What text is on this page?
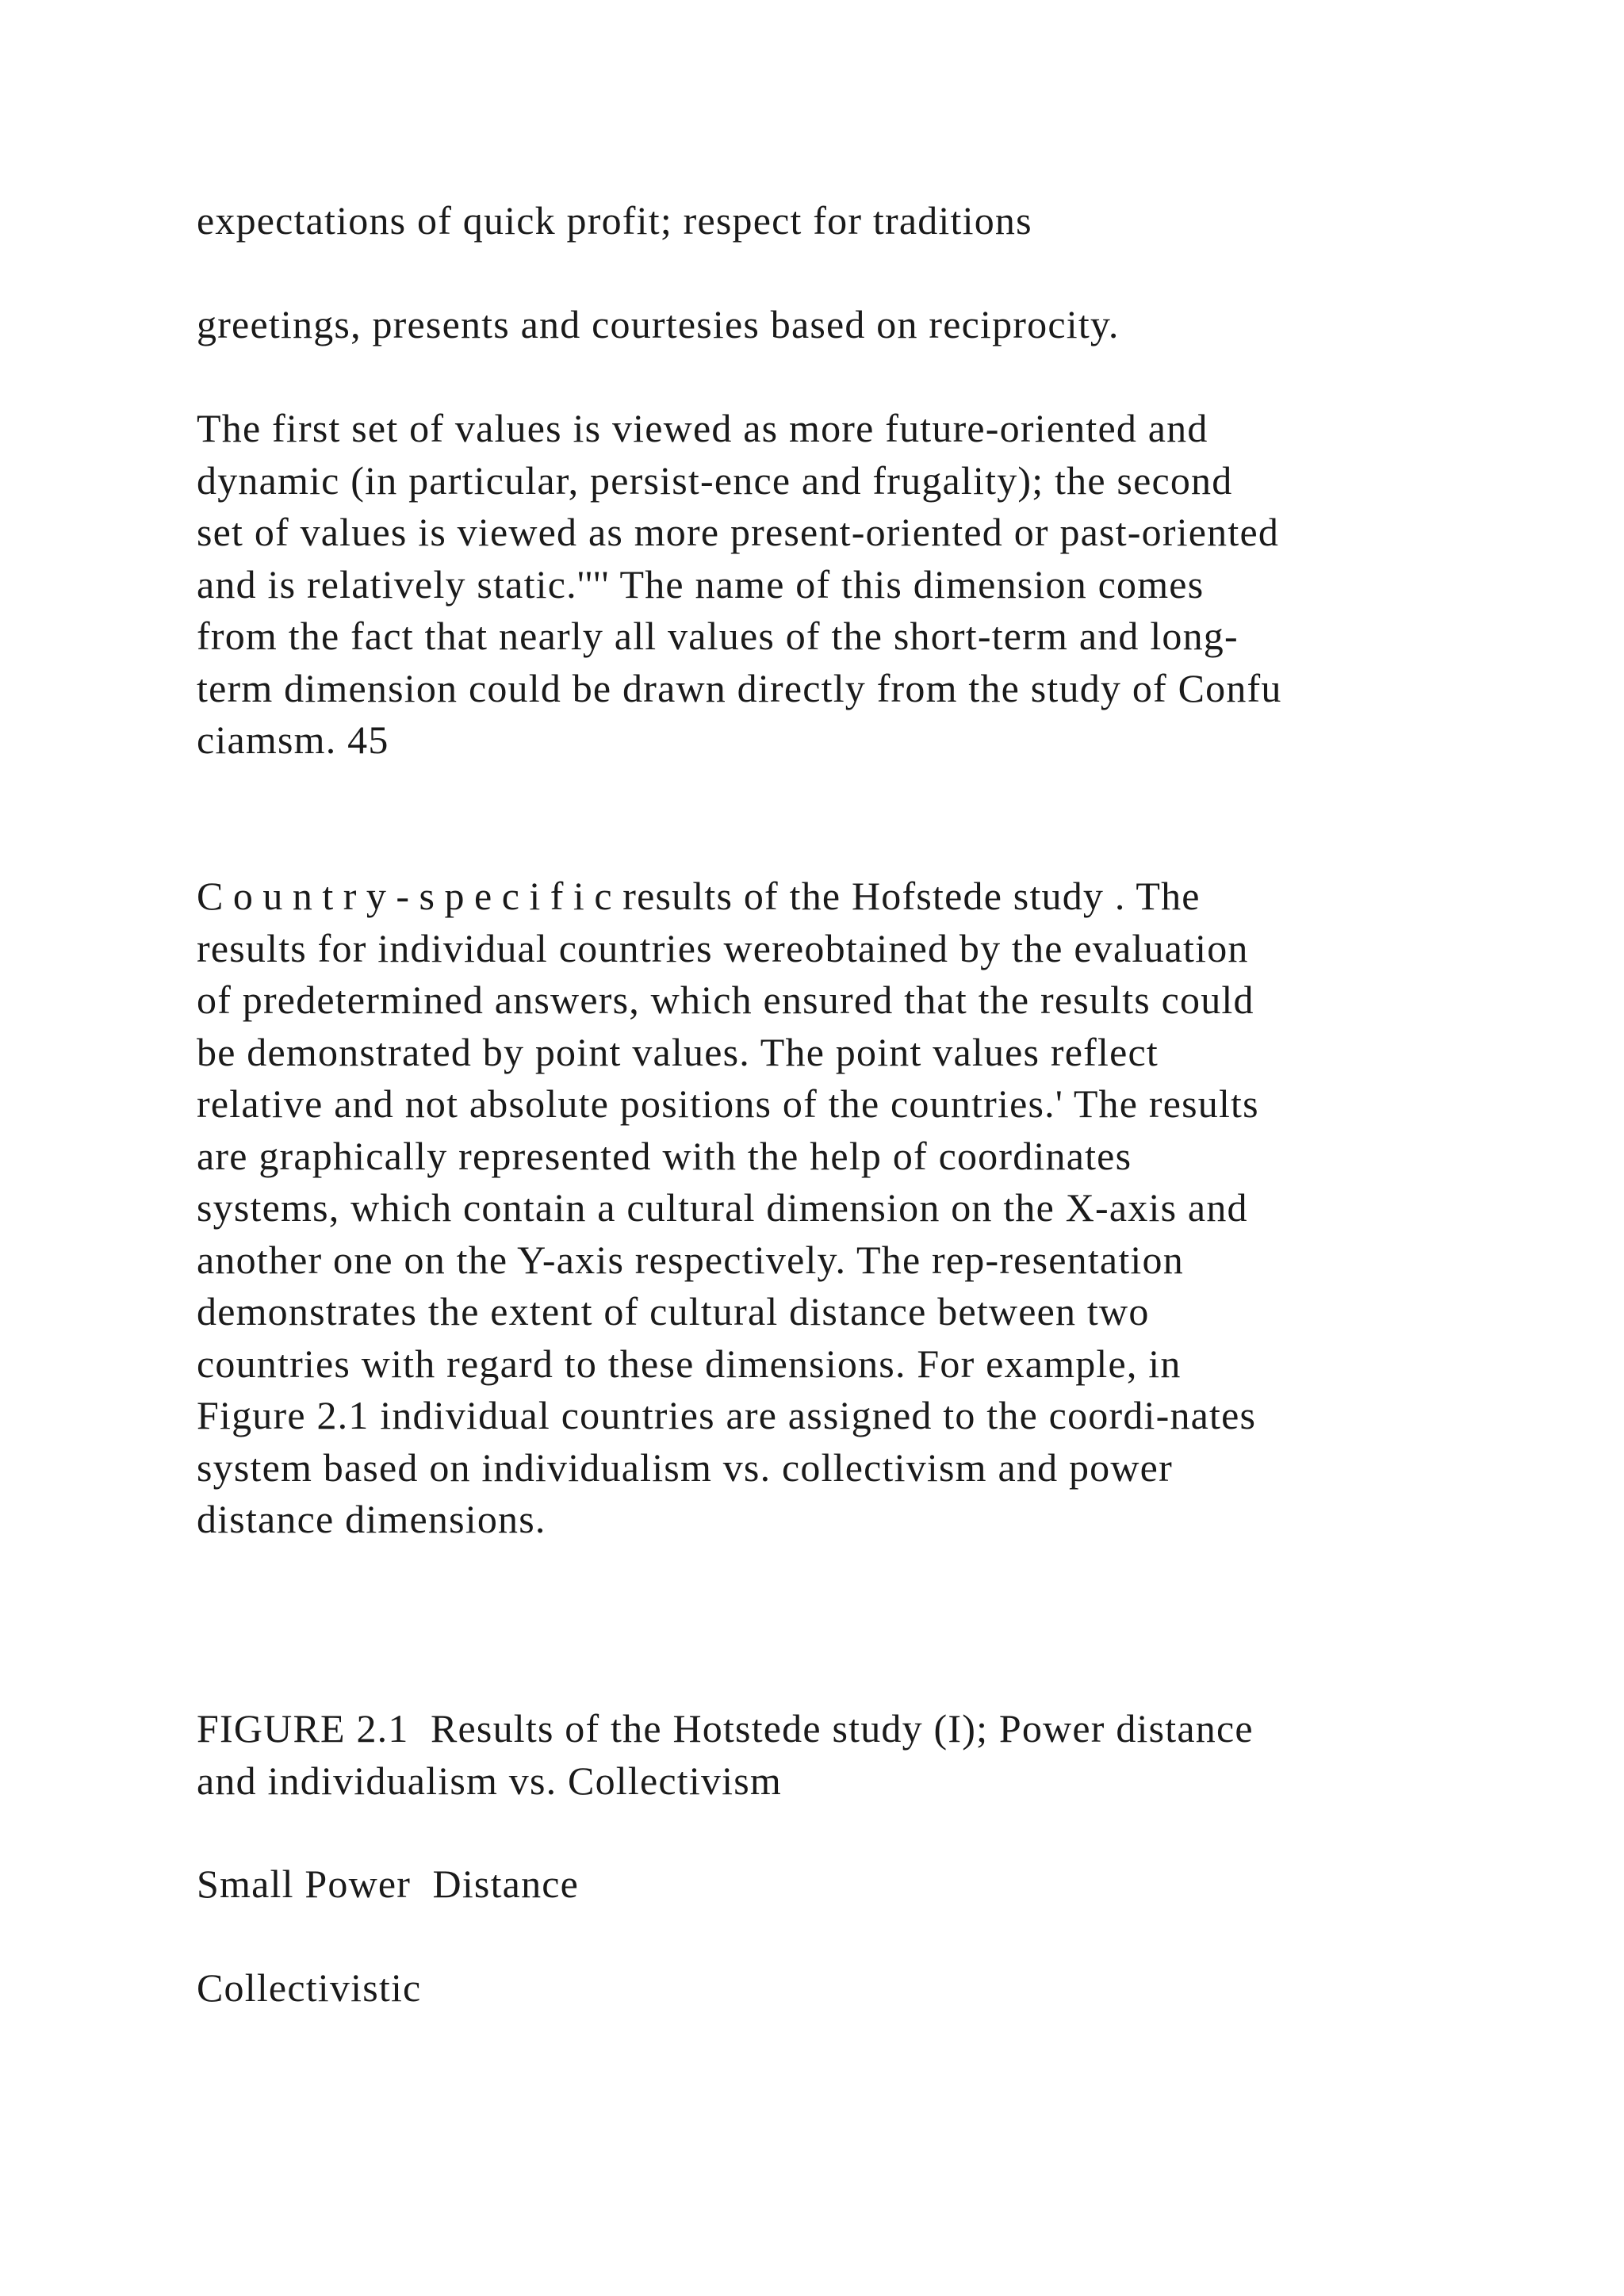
expectations of quick profit; respect for traditions

greetings, presents and courtesies based on reciprocity.

The first set of values is viewed as more future-oriented and
dynamic (in particular, persist-ence and frugality); the second
set of values is viewed as more present-oriented or past-oriented
and is relatively static.'''' The name of this dimension comes
from the fact that nearly all values of the short-term and long-
term dimension could be drawn directly from the study of Confu
ciamsm. 45

C o u n t r y - s p e c i f i c results of the Hofstede study . The
results for individual countries wereobtained by the evaluation
of predetermined answers, which ensured that the results could
be demonstrated by point values. The point values reflect
relative and not absolute positions of the countries.' The results
are graphically represented with the help of coordinates
systems, which contain a cultural dimension on the X-axis and
another one on the Y-axis respectively. The rep-resentation
demonstrates the extent of cultural distance between two
countries with regard to these dimensions. For example, in
Figure 2.1 individual countries are assigned to the coordi-nates
system based on individualism vs. collectivism and power
distance dimensions.

FIGURE 2.1  Results of the Hotstede study (I); Power distance
and individualism vs. Collectivism

Small Power  Distance

Collectivistic
